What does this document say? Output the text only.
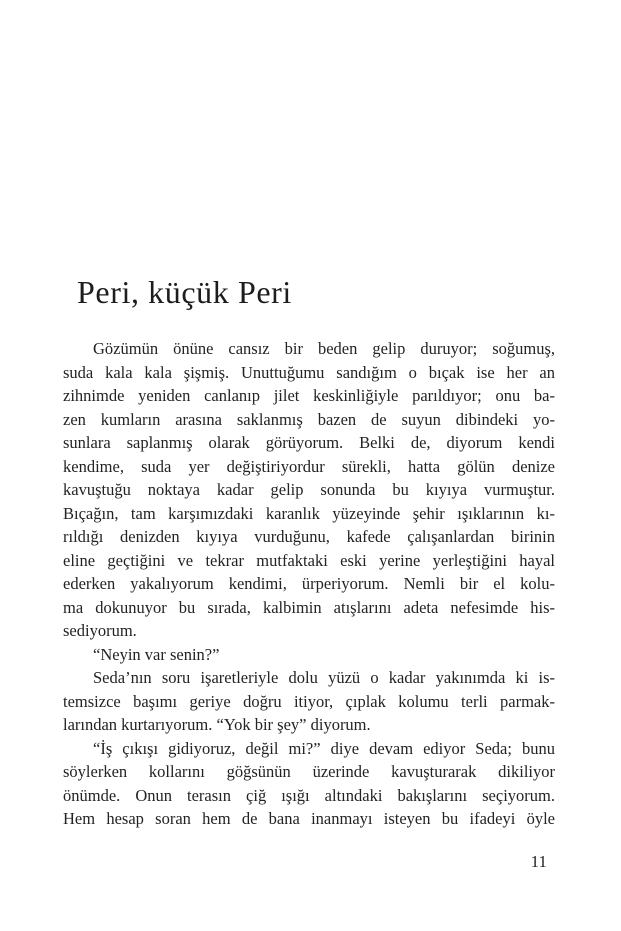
Peri, küçük Peri
Gözümün önüne cansız bir beden gelip duruyor; soğumuş,
suda kala kala şişmiş. Unuttuğumu sandığım o bıçak ise her an
zihnimde yeniden canlanıp jilet keskinliğiyle parıldıyor; onu ba-
zen kumların arasına saklanmış bazen de suyun dibindeki yo-
sunlara saplanmış olarak görüyorum. Belki de, diyorum kendi
kendime, suda yer değiştiriyordur sürekli, hatta gölün denize
kavuştuğu noktaya kadar gelip sonunda bu kıyıya vurmuştur.
Bıçağın, tam karşımızdaki karanlık yüzeyinde şehir ışıklarının kı-
rıldığı denizden kıyıya vurduğunu, kafede çalışanlardan birinin
eline geçtiğini ve tekrar mutfaktaki eski yerine yerleştiğini hayal
ederken yakalıyorum kendimi, ürperiyorum. Nemli bir el kolu-
ma dokunuyor bu sırada, kalbimin atışlarını adeta nefesimde his-
sediyorum.
“Neyin var senin?”
Seda’nın soru işaretleriyle dolu yüzü o kadar yakınımda ki is-
temsizce başımı geriye doğru itiyor, çıplak kolumu terli parmak-
larından kurtarıyorum. “Yok bir şey” diyorum.
“İş çıkışı gidiyoruz, değil mi?” diye devam ediyor Seda; bunu
söylerken kollarını göğsünün üzerinde kavuşturarak dikiliyor
önümde. Onun terasın çiğ ışığı altındaki bakışlarını seçiyorum.
Hem hesap soran hem de bana inanmayı isteyen bu ifadeyi öyle
11
